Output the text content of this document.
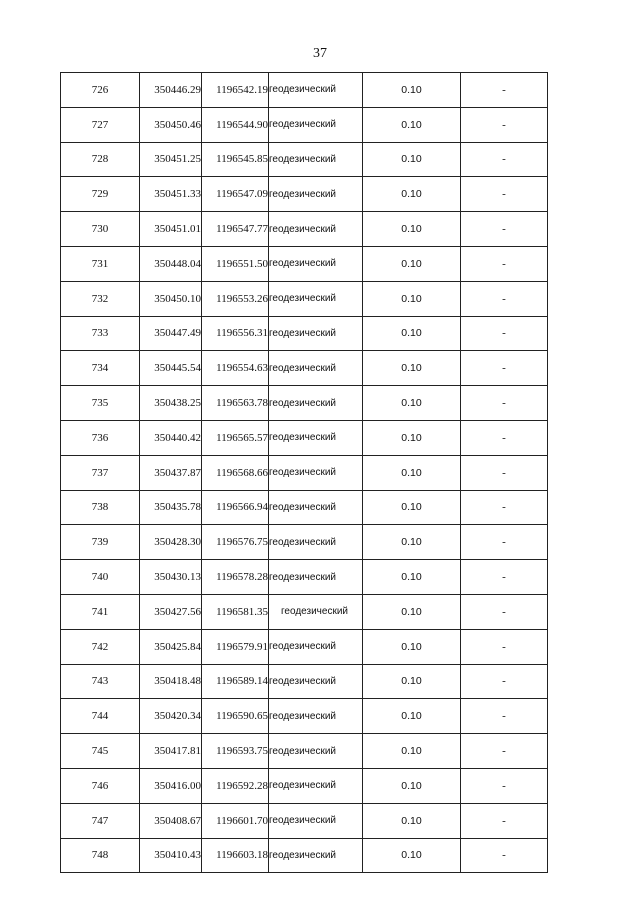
37
726	350446.29	1196542.19	геодезический	0.10	-
727	350450.46	1196544.90	геодезический	0.10	-
728	350451.25	1196545.85	геодезический	0.10	-
729	350451.33	1196547.09	геодезический	0.10	-
730	350451.01	1196547.77	геодезический	0.10	-
731	350448.04	1196551.50	геодезический	0.10	-
732	350450.10	1196553.26	геодезический	0.10	-
733	350447.49	1196556.31	геодезический	0.10	-
734	350445.54	1196554.63	геодезический	0.10	-
735	350438.25	1196563.78	геодезический	0.10	-
736	350440.42	1196565.57	геодезический	0.10	-
737	350437.87	1196568.66	геодезический	0.10	-
738	350435.78	1196566.94	геодезический	0.10	-
739	350428.30	1196576.75	геодезический	0.10	-
740	350430.13	1196578.28	геодезический	0.10	-
741	350427.56	1196581.35	геодезический	0.10	-
742	350425.84	1196579.91	геодезический	0.10	-
743	350418.48	1196589.14	геодезический	0.10	-
744	350420.34	1196590.65	геодезический	0.10	-
745	350417.81	1196593.75	геодезический	0.10	-
746	350416.00	1196592.28	геодезический	0.10	-
747	350408.67	1196601.70	геодезический	0.10	-
748	350410.43	1196603.18	геодезический	0.10	-
